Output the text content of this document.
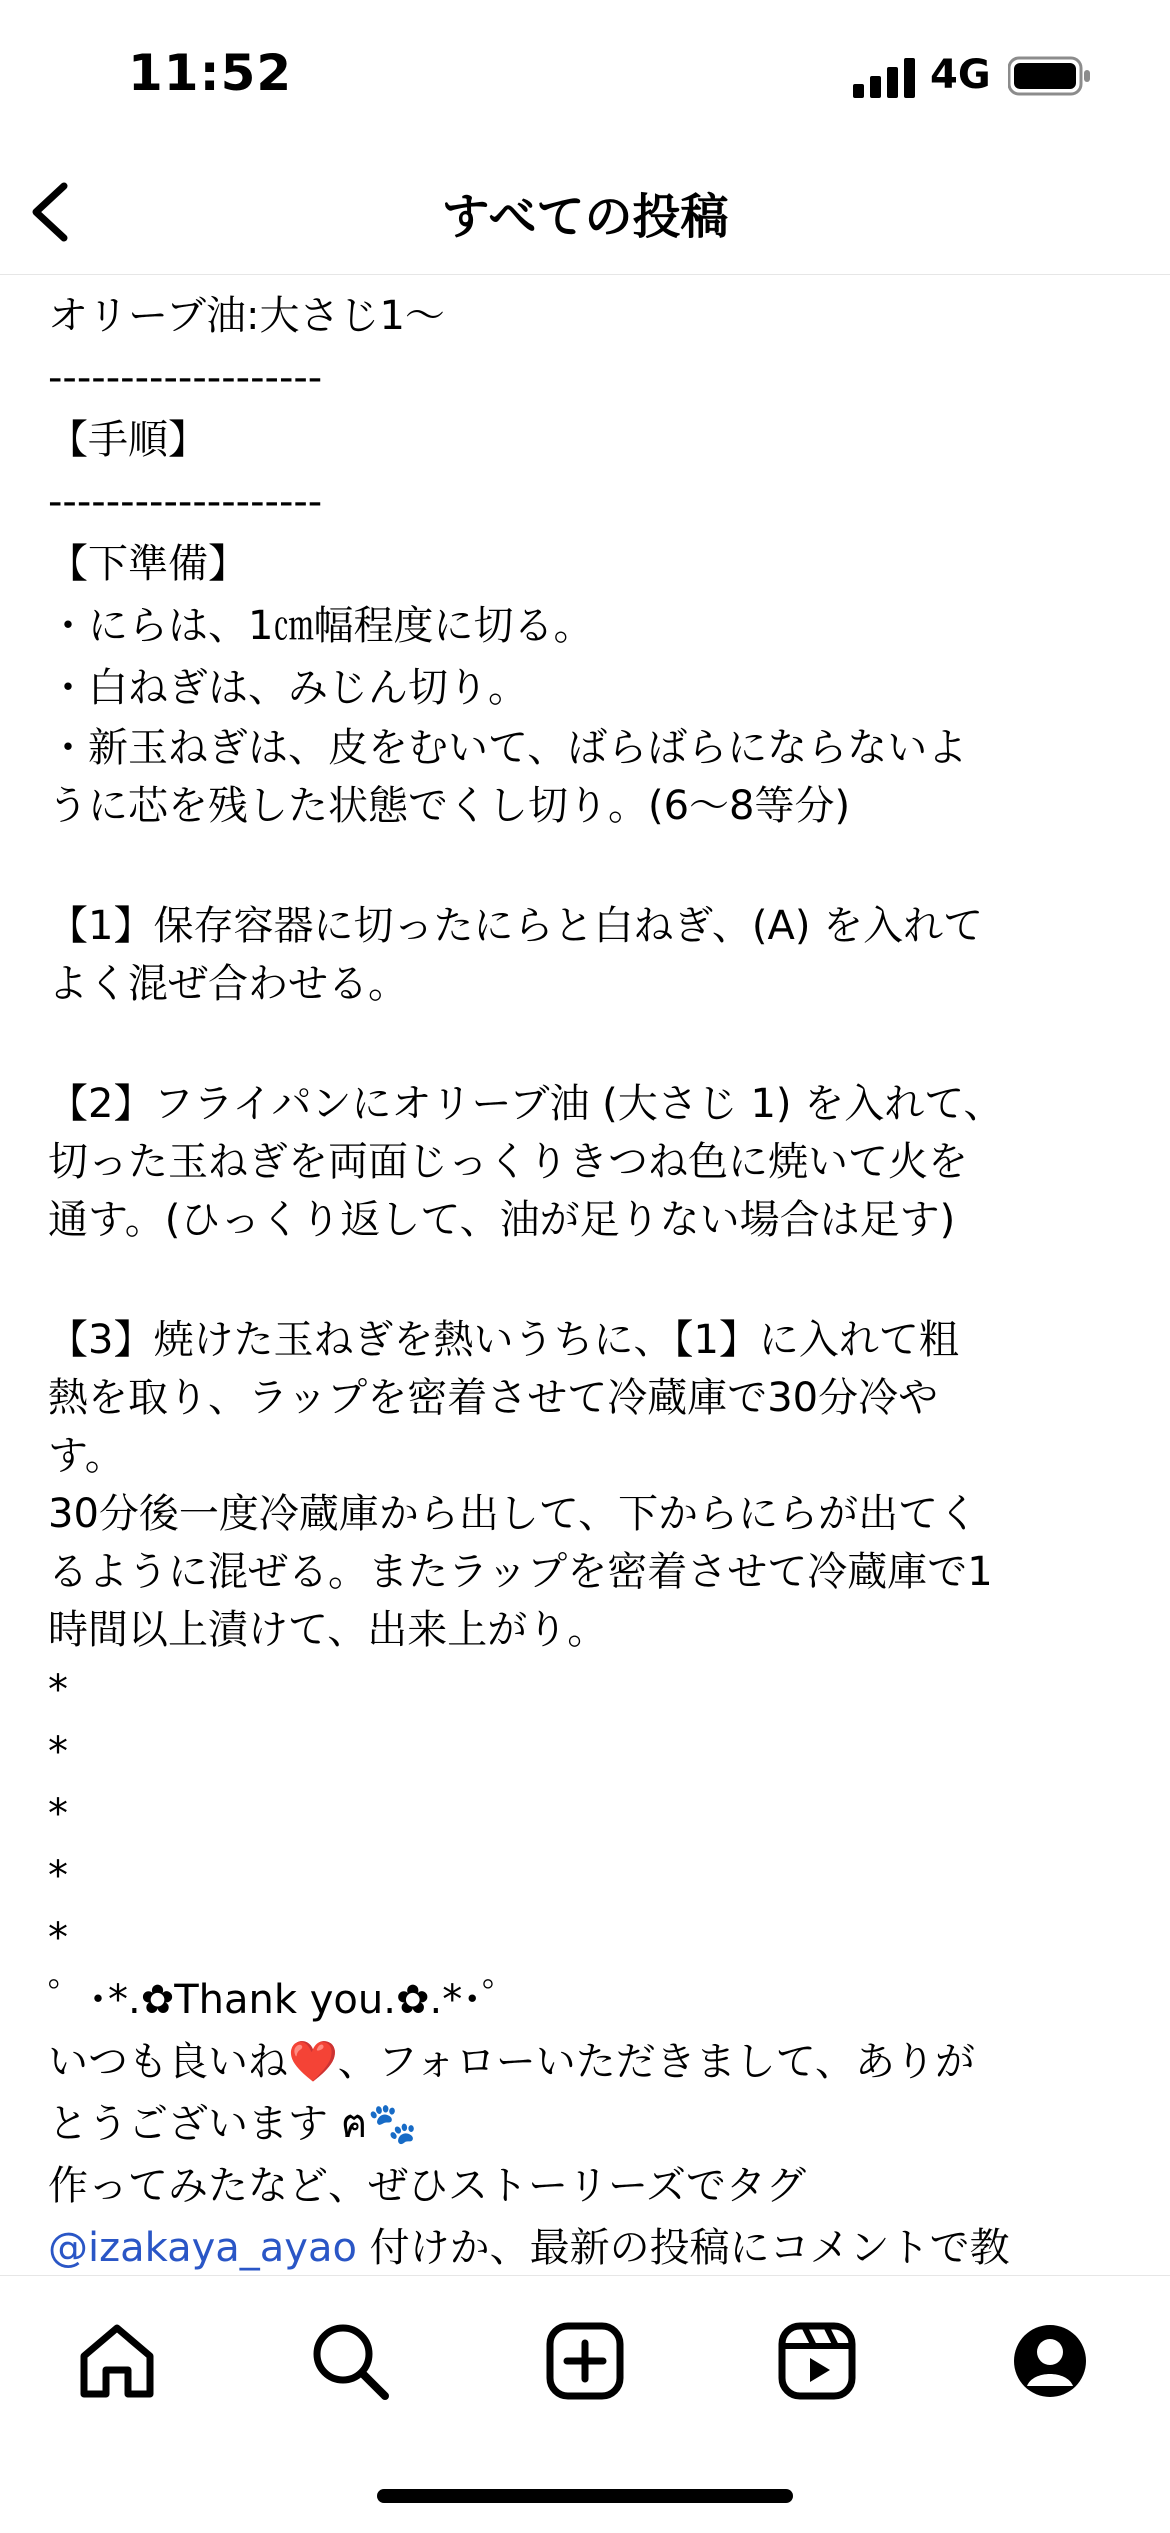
11:52	4G
すべての投稿
オリーブ油:大さじ1〜
-------------------
【手順】
-------------------
【下準備】
・にらは、1㎝幅程度に切る。
・白ねぎは、みじん切り。
・新玉ねぎは、皮をむいて、ばらばらにならないよ
うに芯を残した状態でくし切り。(6〜8等分)
【1】保存容器に切ったにらと白ねぎ、(A) を入れて
よく混ぜ合わせる。
【2】フライパンにオリーブ油 (大さじ 1) を入れて、
切った玉ねぎを両面じっくりきつね色に焼いて火を
通す。(ひっくり返して、油が足りない場合は足す)
【3】焼けた玉ねぎを熱いうちに、【1】に入れて粗
熱を取り、ラップを密着させて冷蔵庫で30分冷や
す。
30分後一度冷蔵庫から出して、下からにらが出てく
るように混ぜる。またラップを密着させて冷蔵庫で1
時間以上漬けて、出来上がり。
*
*
*
*
*
゜･*.✿Thank you.✿.*･゜
いつも良いね❤️、フォローいただきまして、ありが
とうございます ฅ🐾
作ってみたなど、ぜひストーリーズでタグ
@izakaya_ayao 付けか、最新の投稿にコメントで教
